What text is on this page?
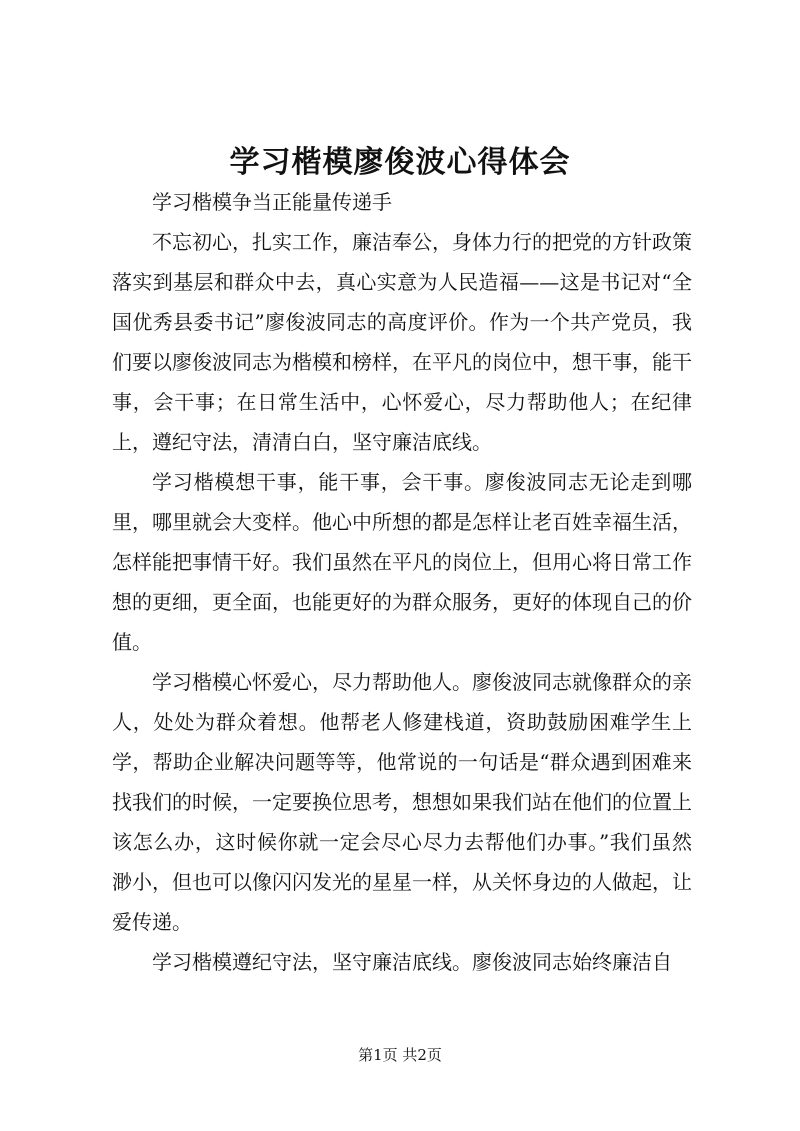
学习楷模廖俊波心得体会

学习楷模争当正能量传递手

不忘初心，扎实工作，廉洁奉公，身体力行的把党的方针政策落实到基层和群众中去，真心实意为人民造福——这是书记对“全国优秀县委书记”廖俊波同志的高度评价。作为一个共产党员，我们要以廖俊波同志为楷模和榜样，在平凡的岗位中，想干事，能干事，会干事；在日常生活中，心怀爱心，尽力帮助他人；在纪律上，遵纪守法，清清白白，坚守廉洁底线。

学习楷模想干事，能干事，会干事。廖俊波同志无论走到哪里，哪里就会大变样。他心中所想的都是怎样让老百姓幸福生活，怎样能把事情干好。我们虽然在平凡的岗位上，但用心将日常工作想的更细，更全面，也能更好的为群众服务，更好的体现自己的价值。

学习楷模心怀爱心，尽力帮助他人。廖俊波同志就像群众的亲人，处处为群众着想。他帮老人修建栈道，资助鼓励困难学生上学，帮助企业解决问题等等，他常说的一句话是“群众遇到困难来找我们的时候，一定要换位思考，想想如果我们站在他们的位置上该怎么办，这时候你就一定会尽心尽力去帮他们办事。”我们虽然渺小，但也可以像闪闪发光的星星一样，从关怀身边的人做起，让爱传递。

学习楷模遵纪守法，坚守廉洁底线。廖俊波同志始终廉洁自

第1页 共2页
